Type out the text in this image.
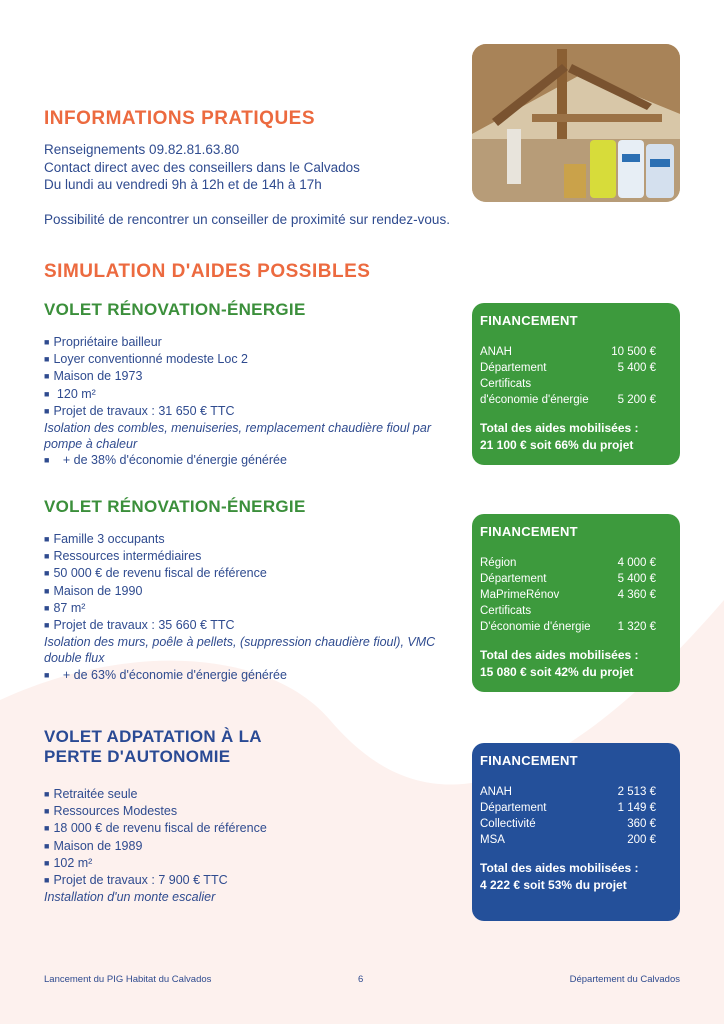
INFORMATIONS PRATIQUES
Renseignements 09.82.81.63.80
Contact direct avec des conseillers dans le Calvados
Du lundi au vendredi 9h à 12h et de 14h à 17h
Possibilité de rencontrer un conseiller de proximité sur rendez-vous.
SIMULATION D'AIDES POSSIBLES
VOLET RÉNOVATION-ÉNERGIE
■ Propriétaire bailleur
■ Loyer conventionné modeste Loc 2
■ Maison de 1973
■ 120 m²
■ Projet de travaux : 31 650 € TTC
Isolation des combles, menuiseries, remplacement chaudière fioul par pompe à chaleur
■ + de 38% d'économie d'énergie générée
FINANCEMENT
ANAH	10 500 €
Département	5 400 €
Certificats
d'économie d'énergie	5 200 €
Total des aides mobilisées :
21 100 € soit 66% du projet
VOLET RÉNOVATION-ÉNERGIE
■ Famille 3 occupants
■ Ressources intermédiaires
■ 50 000 € de revenu fiscal de référence
■ Maison de 1990
■ 87 m²
■ Projet de travaux : 35 660 € TTC
Isolation des murs, poêle à pellets, (suppression chaudière fioul), VMC double flux
■ + de 63% d'économie d'énergie générée
FINANCEMENT
Région	4 000 €
Département	5 400 €
MaPrimeRénov	4 360 €
Certificats
D'économie d'énergie	1 320 €
Total des aides mobilisées :
15 080 € soit 42% du projet
VOLET ADPATATION À LA
PERTE D'AUTONOMIE
■ Retraitée seule
■ Ressources Modestes
■ 18 000 € de revenu fiscal de référence
■ Maison de 1989
■ 102 m²
■ Projet de travaux : 7 900 € TTC
Installation d'un monte escalier
FINANCEMENT
ANAH	2 513 €
Département	1 149 €
Collectivité	360 €
MSA	200 €
Total des aides mobilisées :
4 222 € soit 53% du projet
Lancement du PIG Habitat du Calvados	6	Département du Calvados
